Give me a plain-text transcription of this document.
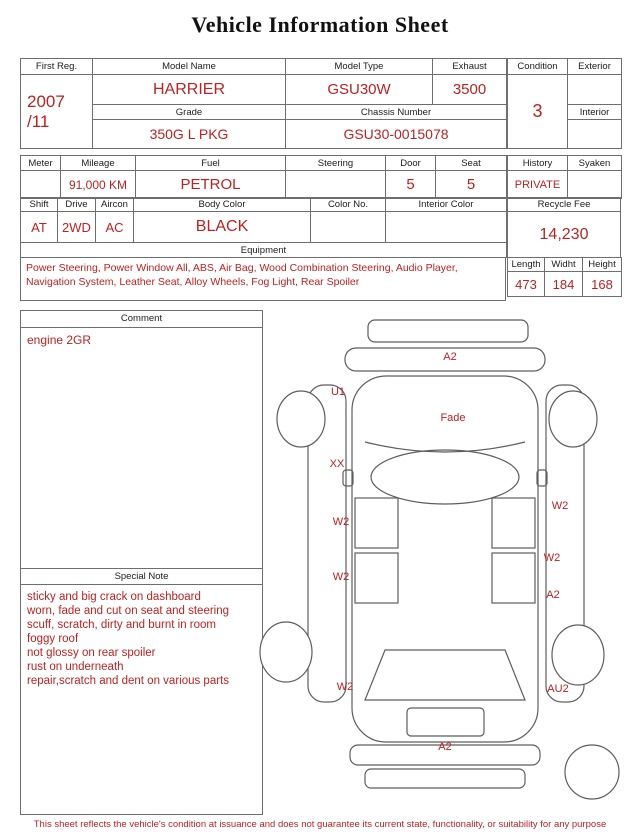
Vehicle Information Sheet
First Reg.	Model Name	Model Type	Exhaust

2007
/11	HARRIER	GSU30W	3500
	Grade	Chassis Number	
	350G L PKG	GSU30-0015078	
Condition	Exterior
3	
	Interior

Meter	Mileage	Fuel	Steering	Door	Seat
	91,000 KM	PETROL		5	5
Shift	Drive	Aircon	Body Color	Color No.	Interior Color
AT	2WD	AC	BLACK		
Equipment
Power Steering, Power Window All, ABS, Air Bag, Wood Combination Steering, Audio Player, Navigation System, Leather Seat, Alloy Wheels, Fog Light, Rear Spoiler
History	Syaken
PRIVATE	
Recycle Fee
14,230
Length	Widht	Height
473	184	168
Comment
engine 2GR
Special Note
sticky and big crack on dashboard
worn, fade and cut on seat and steering
scuff, scratch, dirty and burnt in room
foggy roof
not glossy on rear spoiler
rust on underneath
repair,scratch and dent on various parts
A2
U1
Fade
XX
W2
W2
W2
W2
A2
W2	AU2
A2
This sheet reflects the vehicle's condition at issuance and does not guarantee its current state, functionality, or suitability for any purpose
